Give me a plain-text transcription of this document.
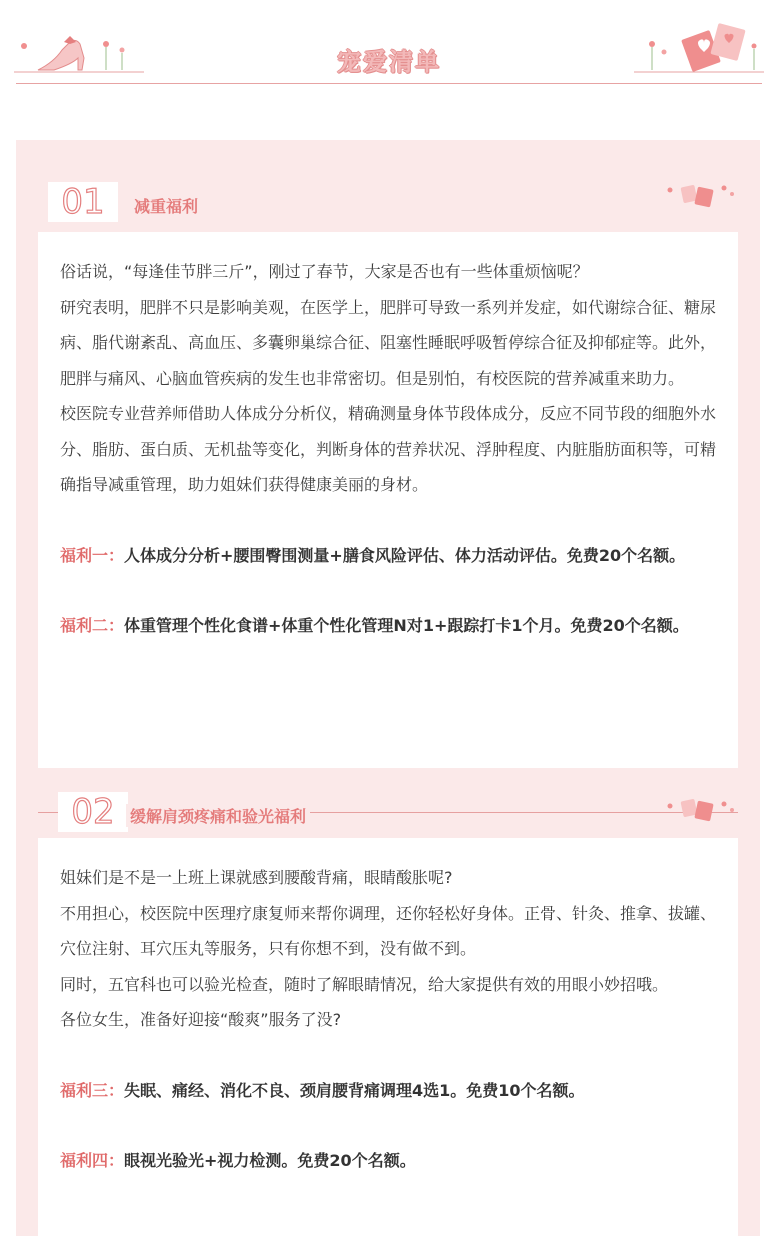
宠爱清单
01	减重福利

俗话说，“每逢佳节胖三斤”，刚过了春节，大家是否也有一些体重烦恼呢？

研究表明，肥胖不只是影响美观，在医学上，肥胖可导致一系列并发症，如代谢综合征、糖尿病、脂代谢紊乱、高血压、多囊卵巢综合征、阻塞性睡眠呼吸暂停综合征及抑郁症等。此外，肥胖与痛风、心脑血管疾病的发生也非常密切。但是别怕，有校医院的营养减重来助力。

校医院专业营养师借助人体成分分析仪，精确测量身体节段体成分，反应不同节段的细胞外水分、脂肪、蛋白质、无机盐等变化，判断身体的营养状况、浮肿程度、内脏脂肪面积等，可精确指导减重管理，助力姐妹们获得健康美丽的身材。

福利一：人体成分分析+腰围臀围测量+膳食风险评估、体力活动评估。免费20个名额。

福利二：体重管理个性化食谱+体重个性化管理N对1+跟踪打卡1个月。免费20个名额。

02 缓解肩颈疼痛和验光福利

姐妹们是不是一上班上课就感到腰酸背痛，眼睛酸胀呢?

不用担心，校医院中医理疗康复师来帮你调理，还你轻松好身体。正骨、针灸、推拿、拔罐、穴位注射、耳穴压丸等服务，只有你想不到，没有做不到。

同时，五官科也可以验光检查，随时了解眼睛情况，给大家提供有效的用眼小妙招哦。

各位女生，准备好迎接“酸爽”服务了没?

福利三：失眠、痛经、消化不良、颈肩腰背痛调理4选1。免费10个名额。

福利四：眼视光验光+视力检测。免费20个名额。
